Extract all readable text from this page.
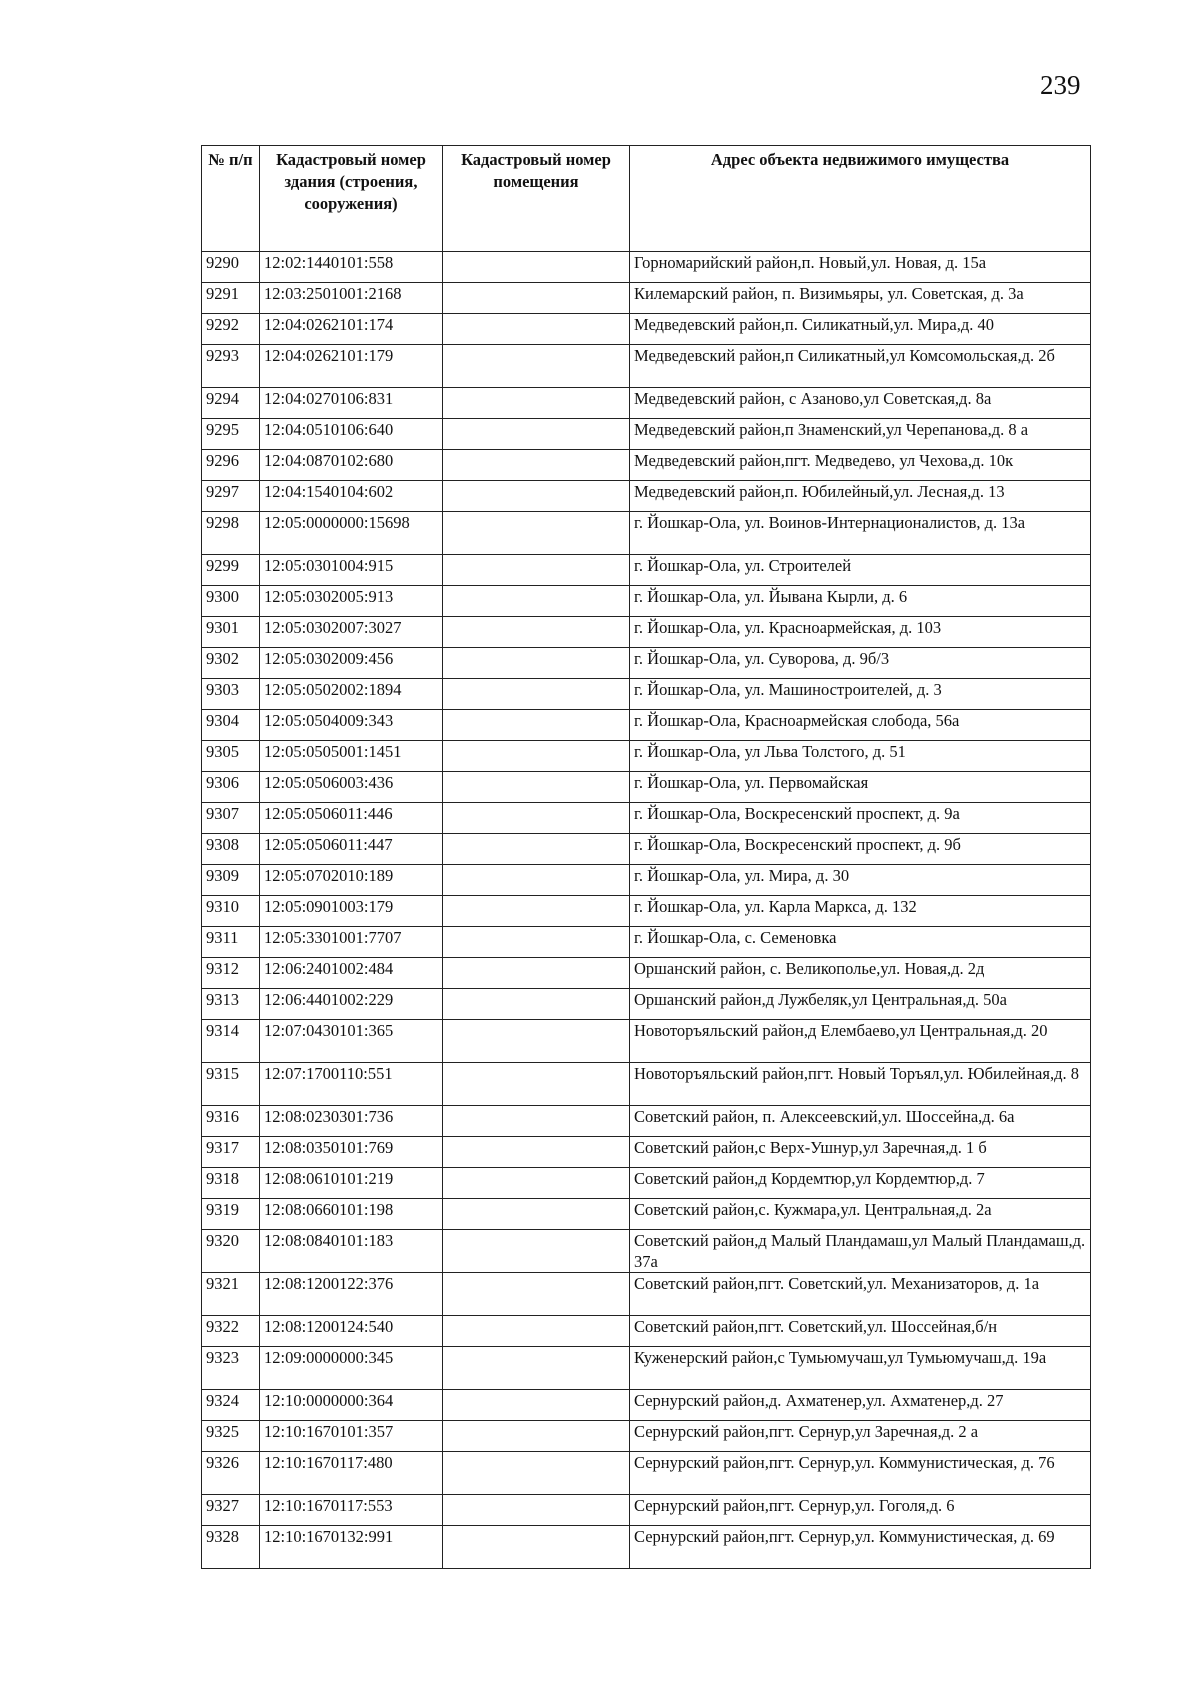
239
№ п/п	Кадастровый номер здания (строения, сооружения)	Кадастровый номер помещения	Адрес объекта недвижимого имущества
9290	12:02:1440101:558		Горномарийский район,п. Новый,ул. Новая, д. 15а
9291	12:03:2501001:2168		Килемарский район, п. Визимьяры, ул. Советская, д. 3а
9292	12:04:0262101:174		Медведевский район,п. Силикатный,ул. Мира,д. 40
9293	12:04:0262101:179		Медведевский район,п Силикатный,ул Комсомольская,д. 2б
9294	12:04:0270106:831		Медведевский район, с Азаново,ул Советская,д. 8а
9295	12:04:0510106:640		Медведевский район,п Знаменский,ул Черепанова,д. 8 а
9296	12:04:0870102:680		Медведевский район,пгт. Медведево, ул Чехова,д. 10к
9297	12:04:1540104:602		Медведевский район,п. Юбилейный,ул. Лесная,д. 13
9298	12:05:0000000:15698		г. Йошкар-Ола, ул. Воинов-Интернационалистов, д. 13а
9299	12:05:0301004:915		г. Йошкар-Ола, ул. Строителей
9300	12:05:0302005:913		г. Йошкар-Ола, ул. Йывана Кырли, д. 6
9301	12:05:0302007:3027		г. Йошкар-Ола, ул. Красноармейская, д. 103
9302	12:05:0302009:456		г. Йошкар-Ола, ул. Суворова, д. 9б/3
9303	12:05:0502002:1894		г. Йошкар-Ола, ул. Машиностроителей, д. 3
9304	12:05:0504009:343		г. Йошкар-Ола, Красноармейская слобода, 56а
9305	12:05:0505001:1451		г. Йошкар-Ола, ул Льва Толстого, д. 51
9306	12:05:0506003:436		г. Йошкар-Ола, ул. Первомайская
9307	12:05:0506011:446		г. Йошкар-Ола, Воскресенский проспект, д. 9а
9308	12:05:0506011:447		г. Йошкар-Ола, Воскресенский проспект, д. 9б
9309	12:05:0702010:189		г. Йошкар-Ола, ул. Мира, д. 30
9310	12:05:0901003:179		г. Йошкар-Ола, ул. Карла Маркса, д. 132
9311	12:05:3301001:7707		г. Йошкар-Ола, с. Семеновка
9312	12:06:2401002:484		Оршанский район, с. Великополье,ул. Новая,д. 2д
9313	12:06:4401002:229		Оршанский район,д Лужбеляк,ул Центральная,д. 50а
9314	12:07:0430101:365		Новоторъяльский район,д Елембаево,ул Центральная,д. 20
9315	12:07:1700110:551		Новоторъяльский район,пгт. Новый Торъял,ул. Юбилейная,д. 8
9316	12:08:0230301:736		Советский район, п. Алексеевский,ул. Шоссейна,д. 6а
9317	12:08:0350101:769		Советский район,с Верх-Ушнур,ул Заречная,д. 1 б
9318	12:08:0610101:219		Советский район,д Кордемтюр,ул Кордемтюр,д. 7
9319	12:08:0660101:198		Советский район,с. Кужмара,ул. Центральная,д. 2а
9320	12:08:0840101:183		Советский район,д Малый Пландамаш,ул Малый Пландамаш,д. 37а
9321	12:08:1200122:376		Советский район,пгт. Советский,ул. Механизаторов, д. 1а
9322	12:08:1200124:540		Советский район,пгт. Советский,ул. Шоссейная,б/н
9323	12:09:0000000:345		Куженерский район,с Тумьюмучаш,ул Тумьюмучаш,д. 19а
9324	12:10:0000000:364		Сернурский район,д. Ахматенер,ул. Ахматенер,д. 27
9325	12:10:1670101:357		Сернурский район,пгт. Сернур,ул Заречная,д. 2 а
9326	12:10:1670117:480		Сернурский район,пгт. Сернур,ул. Коммунистическая, д. 76
9327	12:10:1670117:553		Сернурский район,пгт. Сернур,ул. Гоголя,д. 6
9328	12:10:1670132:991		Сернурский район,пгт. Сернур,ул. Коммунистическая, д. 69
